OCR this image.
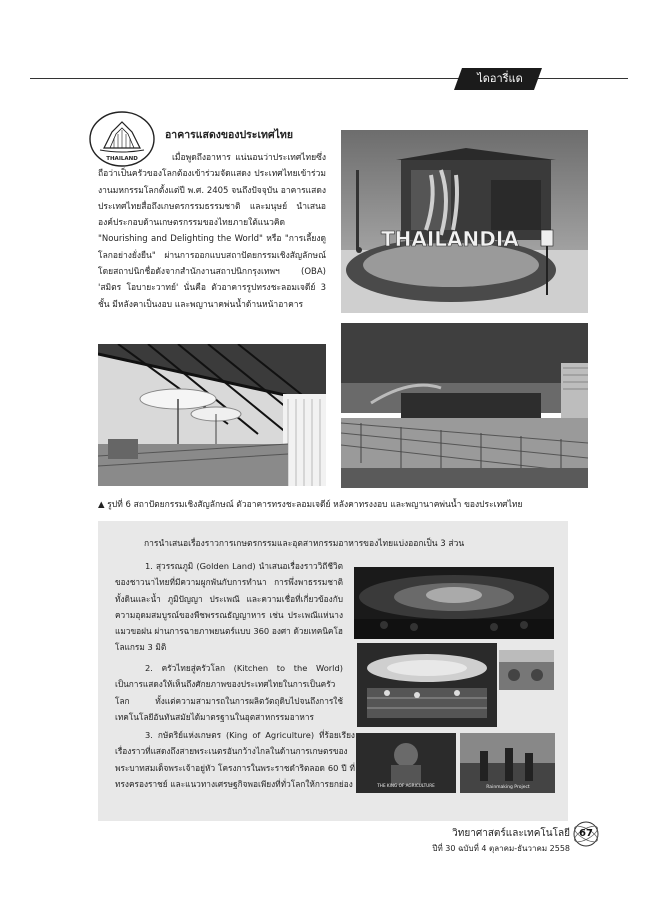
ไดอารี่แดวดวทิยย์
THAILAND
อาคารแสดงของประเทศไทย
เมื่อพูดถึงอาหาร แน่นอนว่าประเทศไทยซึ่งถือว่าเป็นครัวของโลกต้องเข้าร่วมจัดแสดง ประเทศไทยเข้าร่วมงานมหกรรมโลกตั้งแต่ปี พ.ศ. 2405 จนถึงปัจจุบัน อาคารแสดงประเทศไทยสื่อถึงเกษตรกรรมธรรมชาติ และมนุษย์ นำเสนอองค์ประกอบด้านเกษตรกรรมของไทยภายใต้แนวคิด "Nourishing and Delighting the World" หรือ "การเลี้ยงดูโลกอย่างยั่งยืน" ผ่านการออกแบบสถาปัตยกรรมเชิงสัญลักษณ์โดยสถาปนิกชื่อดังจากสำนักงานสถาปนิกกรุงเทพฯ (OBA) 'สมิตร โอบายะวาทย์' นั่นคือ ตัวอาคารรูปทรงชะลอมเจดีย์ 3 ชั้น มีหลังคาเป็นงอบ และพญานาคพ่นน้ำด้านหน้าอาคาร
THAILANDIA
▲ รูปที่ 6 สถาปัตยกรรมเชิงสัญลักษณ์ ตัวอาคารทรงชะลอมเจดีย์ หลังคาทรงงอบ และพญานาคพ่นน้ำ ของประเทศไทย
การนำเสนอเรื่องราวการเกษตรกรรมและอุตสาหกรรมอาหารของไทยแบ่งออกเป็น 3 ส่วน
1. สุวรรณภูมิ (Golden Land) นำเสนอเรื่องราววิถีชีวิตของชาวนาไทยที่มีความผูกพันกับการทำนา การพึ่งพาธรรมชาติทั้งดินและน้ำ ภูมิปัญญา ประเพณี และความเชื่อที่เกี่ยวข้องกับความอุดมสมบูรณ์ของพืชพรรณธัญญาหาร เช่น ประเพณีแห่นางแมวขอฝน ผ่านการฉายภาพยนตร์แบบ 360 องศา ด้วยเทคนิคโฮโลแกรม 3 มิติ
2. ครัวไทยสู่ครัวโลก (Kitchen to the World) เป็นการแสดงให้เห็นถึงศักยภาพของประเทศไทยในการเป็นครัวโลก ทั้งแต่ความสามารถในการผลิตวัตถุดิบไปจนถึงการใช้เทคโนโลยีอันทันสมัยได้มาตรฐานในอุตสาหกรรมอาหาร
3. กษัตริย์แห่งเกษตร (King of Agriculture) ที่ร้อยเรียงเรื่องราวที่แสดงถึงสายพระเนตรอันกว้างไกลในด้านการเกษตรของพระบาทสมเด็จพระเจ้าอยู่หัว โครงการในพระราชดำริตลอด 60 ปี ที่ทรงครองราชย์ และแนวทางเศรษฐกิจพอเพียงที่ทั่วโลกให้การยกย่อง	THE KING OF AGRICULTURE	Rainmaking Project
วิทยาศาสตร์และเทคโนโลยี
ปีที่ 30 ฉบับที่ 4 ตุลาคม-ธันวาคม 2558
67
